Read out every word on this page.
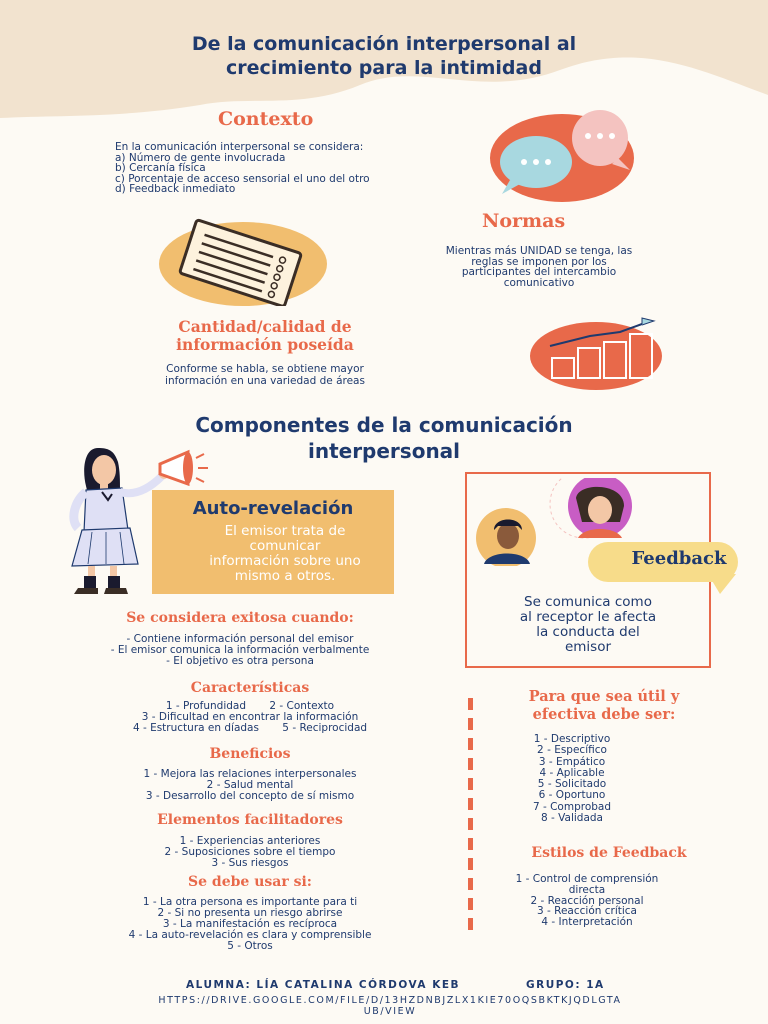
De la comunicación interpersonal al
crecimiento para la intimidad
Contexto
En la comunicación interpersonal se considera:
a) Número de gente involucrada
b) Cercanía física
c) Porcentaje de acceso sensorial el uno del otro
d) Feedback inmediato
Normas
Mientras más UNIDAD se tenga, las
reglas se imponen por los
participantes del intercambio
comunicativo
Cantidad/calidad de
información poseída
Conforme se habla, se obtiene mayor
información en una variedad de áreas
Componentes de la comunicación
interpersonal
Auto-revelación
El emisor trata de
comunicar
información sobre uno
mismo a otros.
Feedback
Se comunica como
al receptor le afecta
la conducta del
emisor
Se considera exitosa cuando:
- Contiene información personal del emisor
- El emisor comunica la información verbalmente
- El objetivo es otra persona
Características
1 - Profundidad       2 - Contexto
3 - Dificultad en encontrar la información
4 - Estructura en díadas       5 - Reciprocidad
Beneficios
1 - Mejora las relaciones interpersonales
2 - Salud mental
3 - Desarrollo del concepto de sí mismo
Elementos facilitadores
1 - Experiencias anteriores
2 - Suposiciones sobre el tiempo
3 - Sus riesgos
Se debe usar si:
1 - La otra persona es importante para ti
2 - Si no presenta un riesgo abrirse
3 - La manifestación es recíproca
4 - La auto-revelación es clara y comprensible
5 - Otros
Para que sea útil y
efectiva debe ser:
1 - Descriptivo
2 - Específico
3 - Empático
4 - Aplicable
5 - Solicitado
6 - Oportuno
7 - Comprobad
8 - Validada
Estilos de Feedback
1 - Control de comprensión
directa
2 - Reacción personal
3 - Reacción crítica
4 - Interpretación
ALUMNA: LÍA CATALINA CÓRDOVA KEB	GRUPO: 1A
HTTPS://DRIVE.GOOGLE.COM/FILE/D/13HZDNBJZLX1KIE70OQSBKTKJQDLGTA
UB/VIEW
